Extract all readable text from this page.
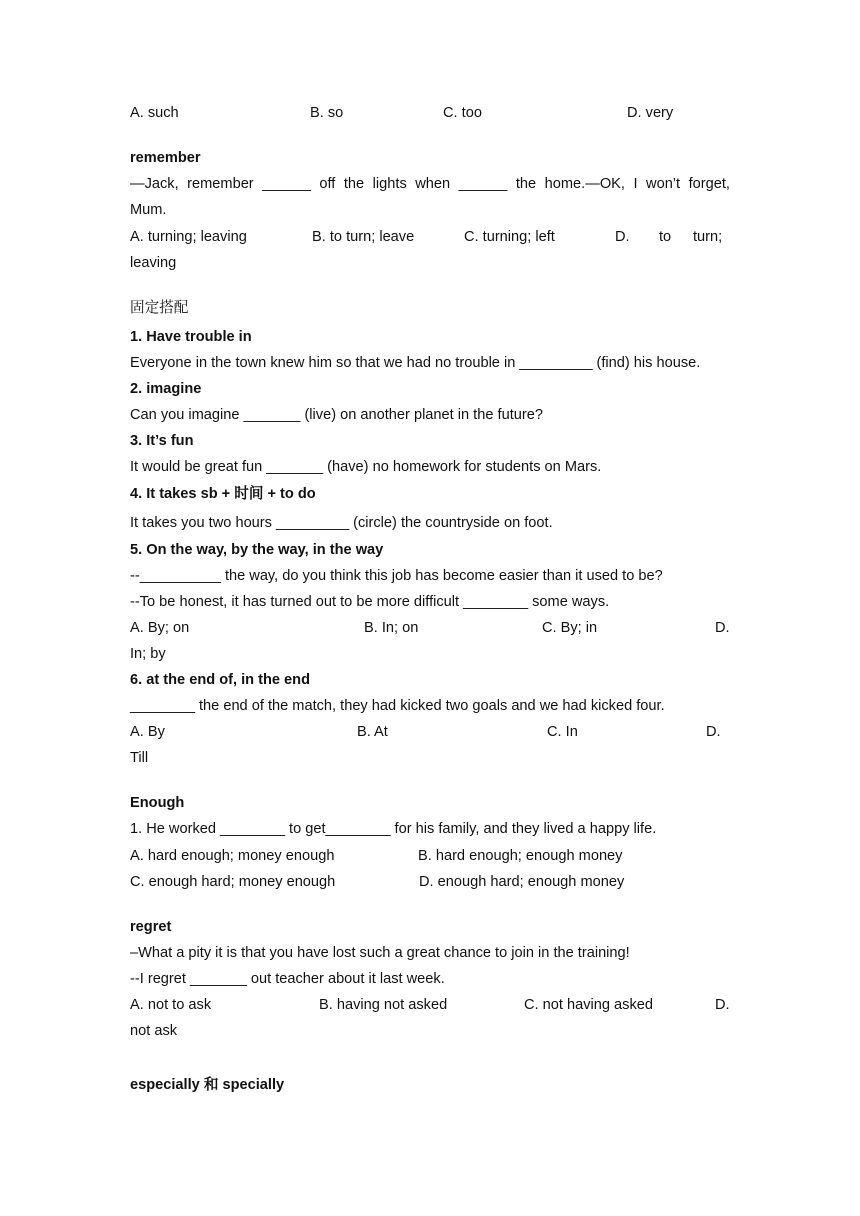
A. such	B. so	C. too	D. very
remember
—Jack, remember ______ off the lights when ______ the home.—OK, I won’t forget,
Mum.
A. turning; leaving	B. to turn; leave	C. turning; left	D. to turn;
leaving
固定搭配
1. Have trouble in
Everyone in the town knew him so that we had no trouble in _________ (find) his house.
2. imagine
Can you imagine _______ (live) on another planet in the future?
3. It’s fun
It would be great fun _______ (have) no homework for students on Mars.
4. It takes sb + 时间 + to do
It takes you two hours _________ (circle) the countryside on foot.
5. On the way, by the way, in the way
--__________ the way, do you think this job has become easier than it used to be?
--To be honest, it has turned out to be more difficult ________ some ways.
A. By; on	B. In; on	C. By; in	D.
In; by
6. at the end of, in the end
________ the end of the match, they had kicked two goals and we had kicked four.
A. By	B. At	C. In	D.
Till
Enough
1. He worked ________ to get________ for his family, and they lived a happy life.
A. hard enough; money enough	B. hard enough; enough money
C. enough hard; money enough	D. enough hard; enough money
regret
–What a pity it is that you have lost such a great chance to join in the training!
--I regret _______ out teacher about it last week.
A. not to ask	B. having not asked	C. not having asked	D.
not ask
especially 和 specially
